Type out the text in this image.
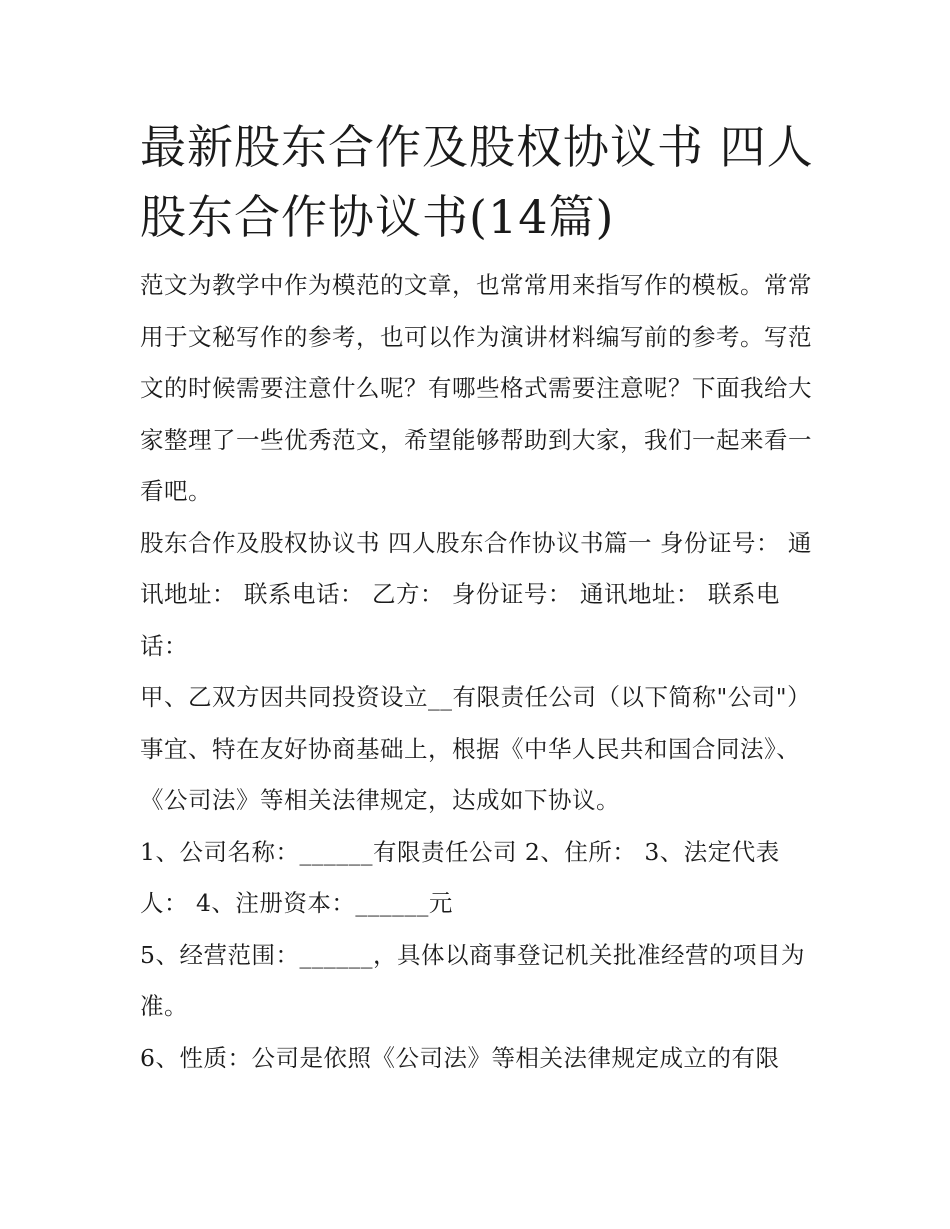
最新股东合作及股权协议书 四人股东合作协议书(14篇)

范文为教学中作为模范的文章，也常常用来指写作的模板。常常用于文秘写作的参考，也可以作为演讲材料编写前的参考。写范文的时候需要注意什么呢？有哪些格式需要注意呢？下面我给大家整理了一些优秀范文，希望能够帮助到大家，我们一起来看一看吧。

股东合作及股权协议书 四人股东合作协议书篇一 身份证号： 通讯地址： 联系电话： 乙方： 身份证号： 通讯地址： 联系电话：

甲、乙双方因共同投资设立__有限责任公司（以下简称"公司"）事宜、特在友好协商基础上，根据《中华人民共和国合同法》、《公司法》等相关法律规定，达成如下协议。

1、公司名称：______有限责任公司 2、住所： 3、法定代表人： 4、注册资本：______元

5、经营范围：______，具体以商事登记机关批准经营的项目为准。

6、性质：公司是依照《公司法》等相关法律规定成立的有限
